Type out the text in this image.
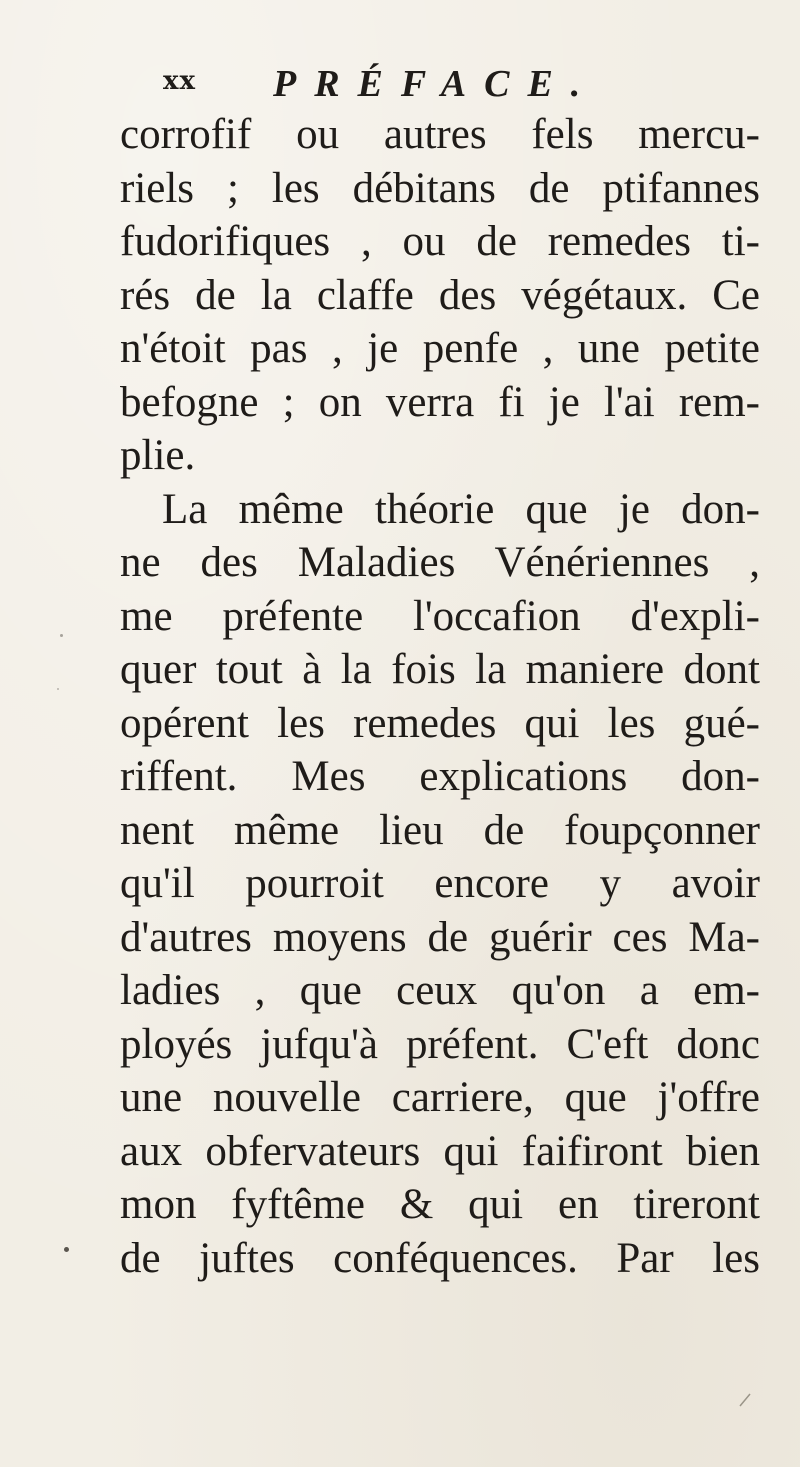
xx PRÉFACE.
corrofif ou autres fels mercu-
riels ; les débitans de ptifannes
fudorifiques , ou de remedes ti-
rés de la claffe des végétaux. Ce
n'étoit pas , je penfe , une petite
befogne ; on verra fi je l'ai rem-
plie.
La même théorie que je don-
ne des Maladies Vénériennes ,
me préfente l'occafion d'expli-
quer tout à la fois la maniere dont
opérent les remedes qui les gué-
riffent. Mes explications don-
nent même lieu de foupçonner
qu'il pourroit encore y avoir
d'autres moyens de guérir ces Ma-
ladies , que ceux qu'on a em-
ployés jufqu'à préfent. C'eft donc
une nouvelle carriere, que j'offre
aux obfervateurs qui faifiront bien
mon fyftême & qui en tireront
de juftes conféquences. Par les
